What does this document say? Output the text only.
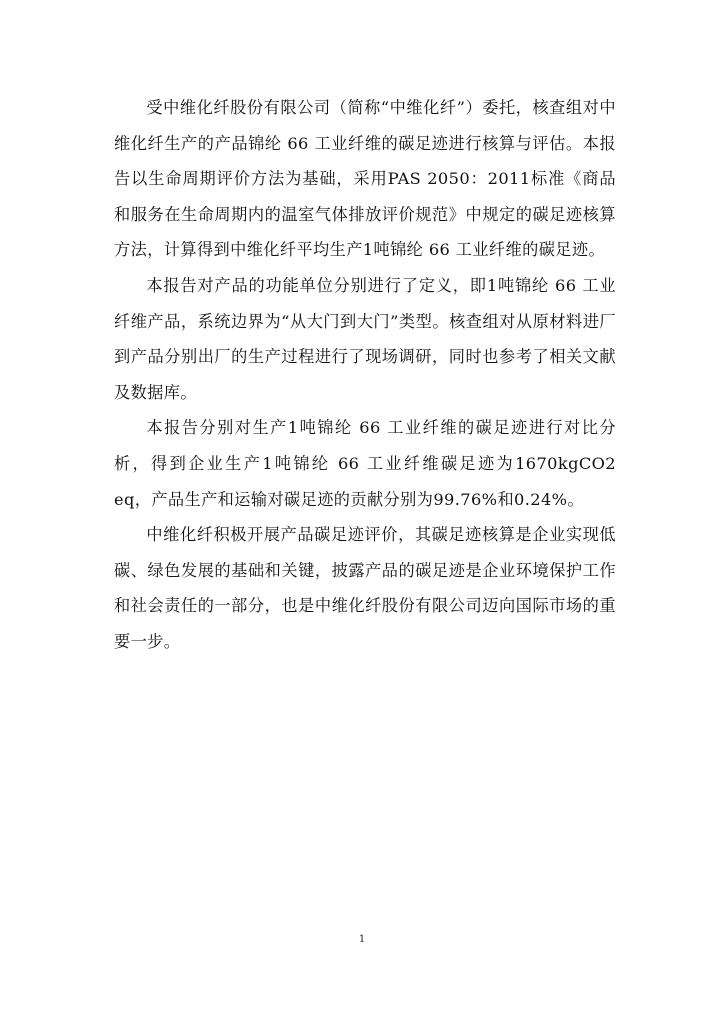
受中维化纤股份有限公司（简称“中维化纤”）委托，核查组对中维化纤生产的产品锦纶 66 工业纤维的碳足迹进行核算与评估。本报告以生命周期评价方法为基础，采用PAS 2050：2011标准《商品和服务在生命周期内的温室气体排放评价规范》中规定的碳足迹核算方法，计算得到中维化纤平均生产1吨锦纶 66 工业纤维的碳足迹。

本报告对产品的功能单位分别进行了定义，即1吨锦纶 66 工业纤维产品，系统边界为“从大门到大门”类型。核查组对从原材料进厂到产品分别出厂的生产过程进行了现场调研，同时也参考了相关文献及数据库。

本报告分别对生产1吨锦纶 66 工业纤维的碳足迹进行对比分析，得到企业生产1吨锦纶 66 工业纤维碳足迹为1670kgCO2 eq，产品生产和运输对碳足迹的贡献分别为99.76%和0.24%。

中维化纤积极开展产品碳足迹评价，其碳足迹核算是企业实现低碳、绿色发展的基础和关键，披露产品的碳足迹是企业环境保护工作和社会责任的一部分，也是中维化纤股份有限公司迈向国际市场的重要一步。

1
